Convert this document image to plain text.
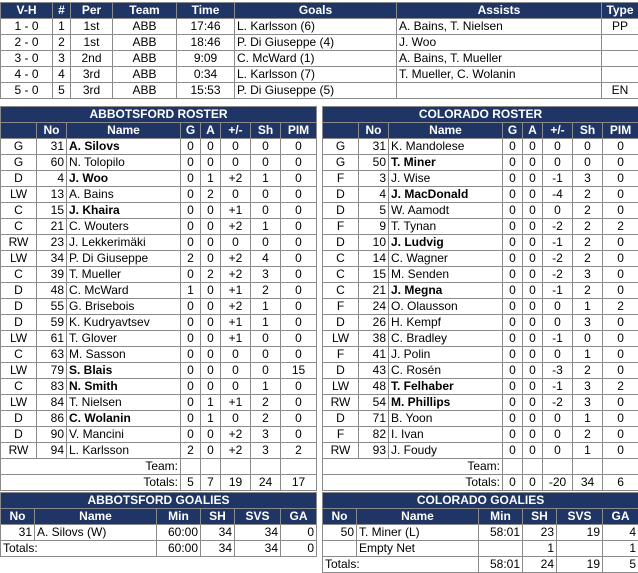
V-H	#	Per	Team	Time	Goals	Assists	Type
1 - 0	1	1st	ABB	17:46	L. Karlsson (6)	A. Bains, T. Nielsen	PP
2 - 0	2	1st	ABB	18:46	P. Di Giuseppe (4)	J. Woo	
3 - 0	3	2nd	ABB	9:09	C. McWard (1)	A. Bains, T. Mueller	
4 - 0	4	3rd	ABB	0:34	L. Karlsson (7)	T. Mueller, C. Wolanin	
5 - 0	5	3rd	ABB	15:53	P. Di Giuseppe (5)		EN
ABBOTSFORD ROSTER							
	No	Name	G	A	+/-	Sh	PIM
G	31	A. Silovs	0	0	0	0	0
G	60	N. Tolopilo	0	0	0	0	0
D	4	J. Woo	0	1	+2	1	0
LW	13	A. Bains	0	2	0	0	0
C	15	J. Khaira	0	0	+1	0	0
C	21	C. Wouters	0	0	+2	1	0
RW	23	J. Lekkerimäki	0	0	0	0	0
LW	34	P. Di Giuseppe	2	0	+2	4	0
C	39	T. Mueller	0	2	+2	3	0
D	48	C. McWard	1	0	+1	2	0
D	55	G. Brisebois	0	0	+2	1	0
D	59	K. Kudryavtsev	0	0	+1	1	0
LW	61	T. Glover	0	0	+1	0	0
C	63	M. Sasson	0	0	0	0	0
LW	79	S. Blais	0	0	0	0	15
C	83	N. Smith	0	0	0	1	0
LW	84	T. Nielsen	0	1	+1	2	0
D	86	C. Wolanin	0	1	0	2	0
D	90	V. Mancini	0	0	+2	3	0
RW	94	L. Karlsson	2	0	+2	3	2
Team:							
Totals:			5	7	19	24	17
COLORADO ROSTER							
	No	Name	G	A	+/-	Sh	PIM
G	31	K. Mandolese	0	0	0	0	0
G	50	T. Miner	0	0	0	0	0
F	3	J. Wise	0	0	-1	3	0
D	4	J. MacDonald	0	0	-4	2	0
D	5	W. Aamodt	0	0	0	2	0
F	9	T. Tynan	0	0	-2	2	2
D	10	J. Ludvig	0	0	-1	2	0
C	14	C. Wagner	0	0	-2	2	0
C	15	M. Senden	0	0	-2	3	0
C	21	J. Megna	0	0	-1	2	0
F	24	O. Olausson	0	0	0	1	2
D	26	H. Kempf	0	0	0	3	0
LW	38	C. Bradley	0	0	-1	0	0
F	41	J. Polin	0	0	0	1	0
D	43	C. Rosén	0	0	-3	2	0
LW	48	T. Felhaber	0	0	-1	3	2
RW	54	M. Phillips	0	0	-2	3	0
D	71	B. Yoon	0	0	0	1	0
F	82	I. Ivan	0	0	0	2	0
RW	93	J. Foudy	0	0	0	1	0
Team:							
Totals:			0	0	-20	34	6
ABBOTSFORD GOALIES					
No	Name	Min	SH	SVS	GA
31	A. Silovs (W)	60:00	34	34	0
Totals:		60:00	34	34	0
COLORADO GOALIES					
No	Name	Min	SH	SVS	GA
50	T. Miner (L)	58:01	23	19	4
	Empty Net		1		1
Totals:		58:01	24	19	5
